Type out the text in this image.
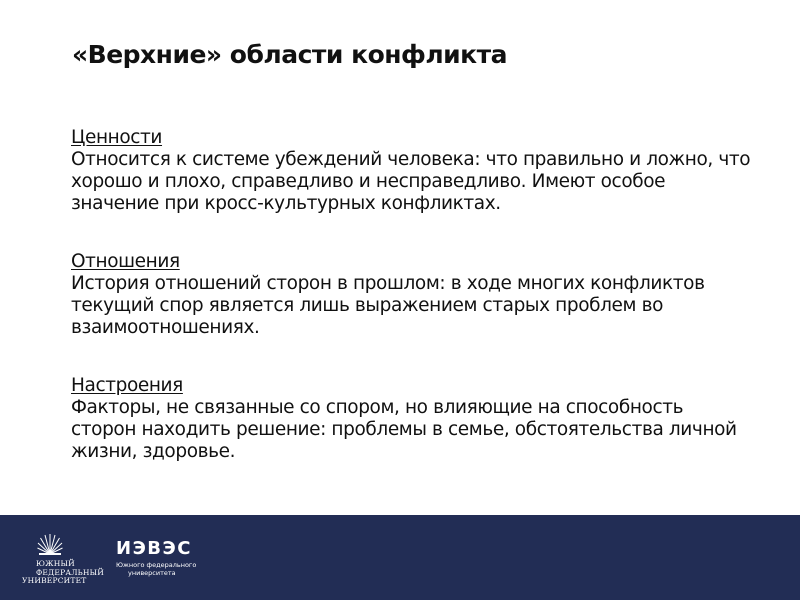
«Верхние» области конфликта
Ценности
Относится к системе убеждений человека: что правильно и ложно, что хорошо и плохо, справедливо и несправедливо. Имеют особое значение при кросс-культурных конфликтах.
Отношения
История отношений сторон в прошлом: в ходе многих конфликтов текущий спор является лишь выражением старых проблем во взаимоотношениях.
Настроения
Факторы, не связанные со спором, но влияющие на способность сторон находить решение: проблемы в семье, обстоятельства личной жизни, здоровье.
ЮЖНЫЙ
ФЕДЕРАЛЬНЫЙ
УНИВЕРСИТЕТ
ИЭВЭС
Южного федерального
университета
